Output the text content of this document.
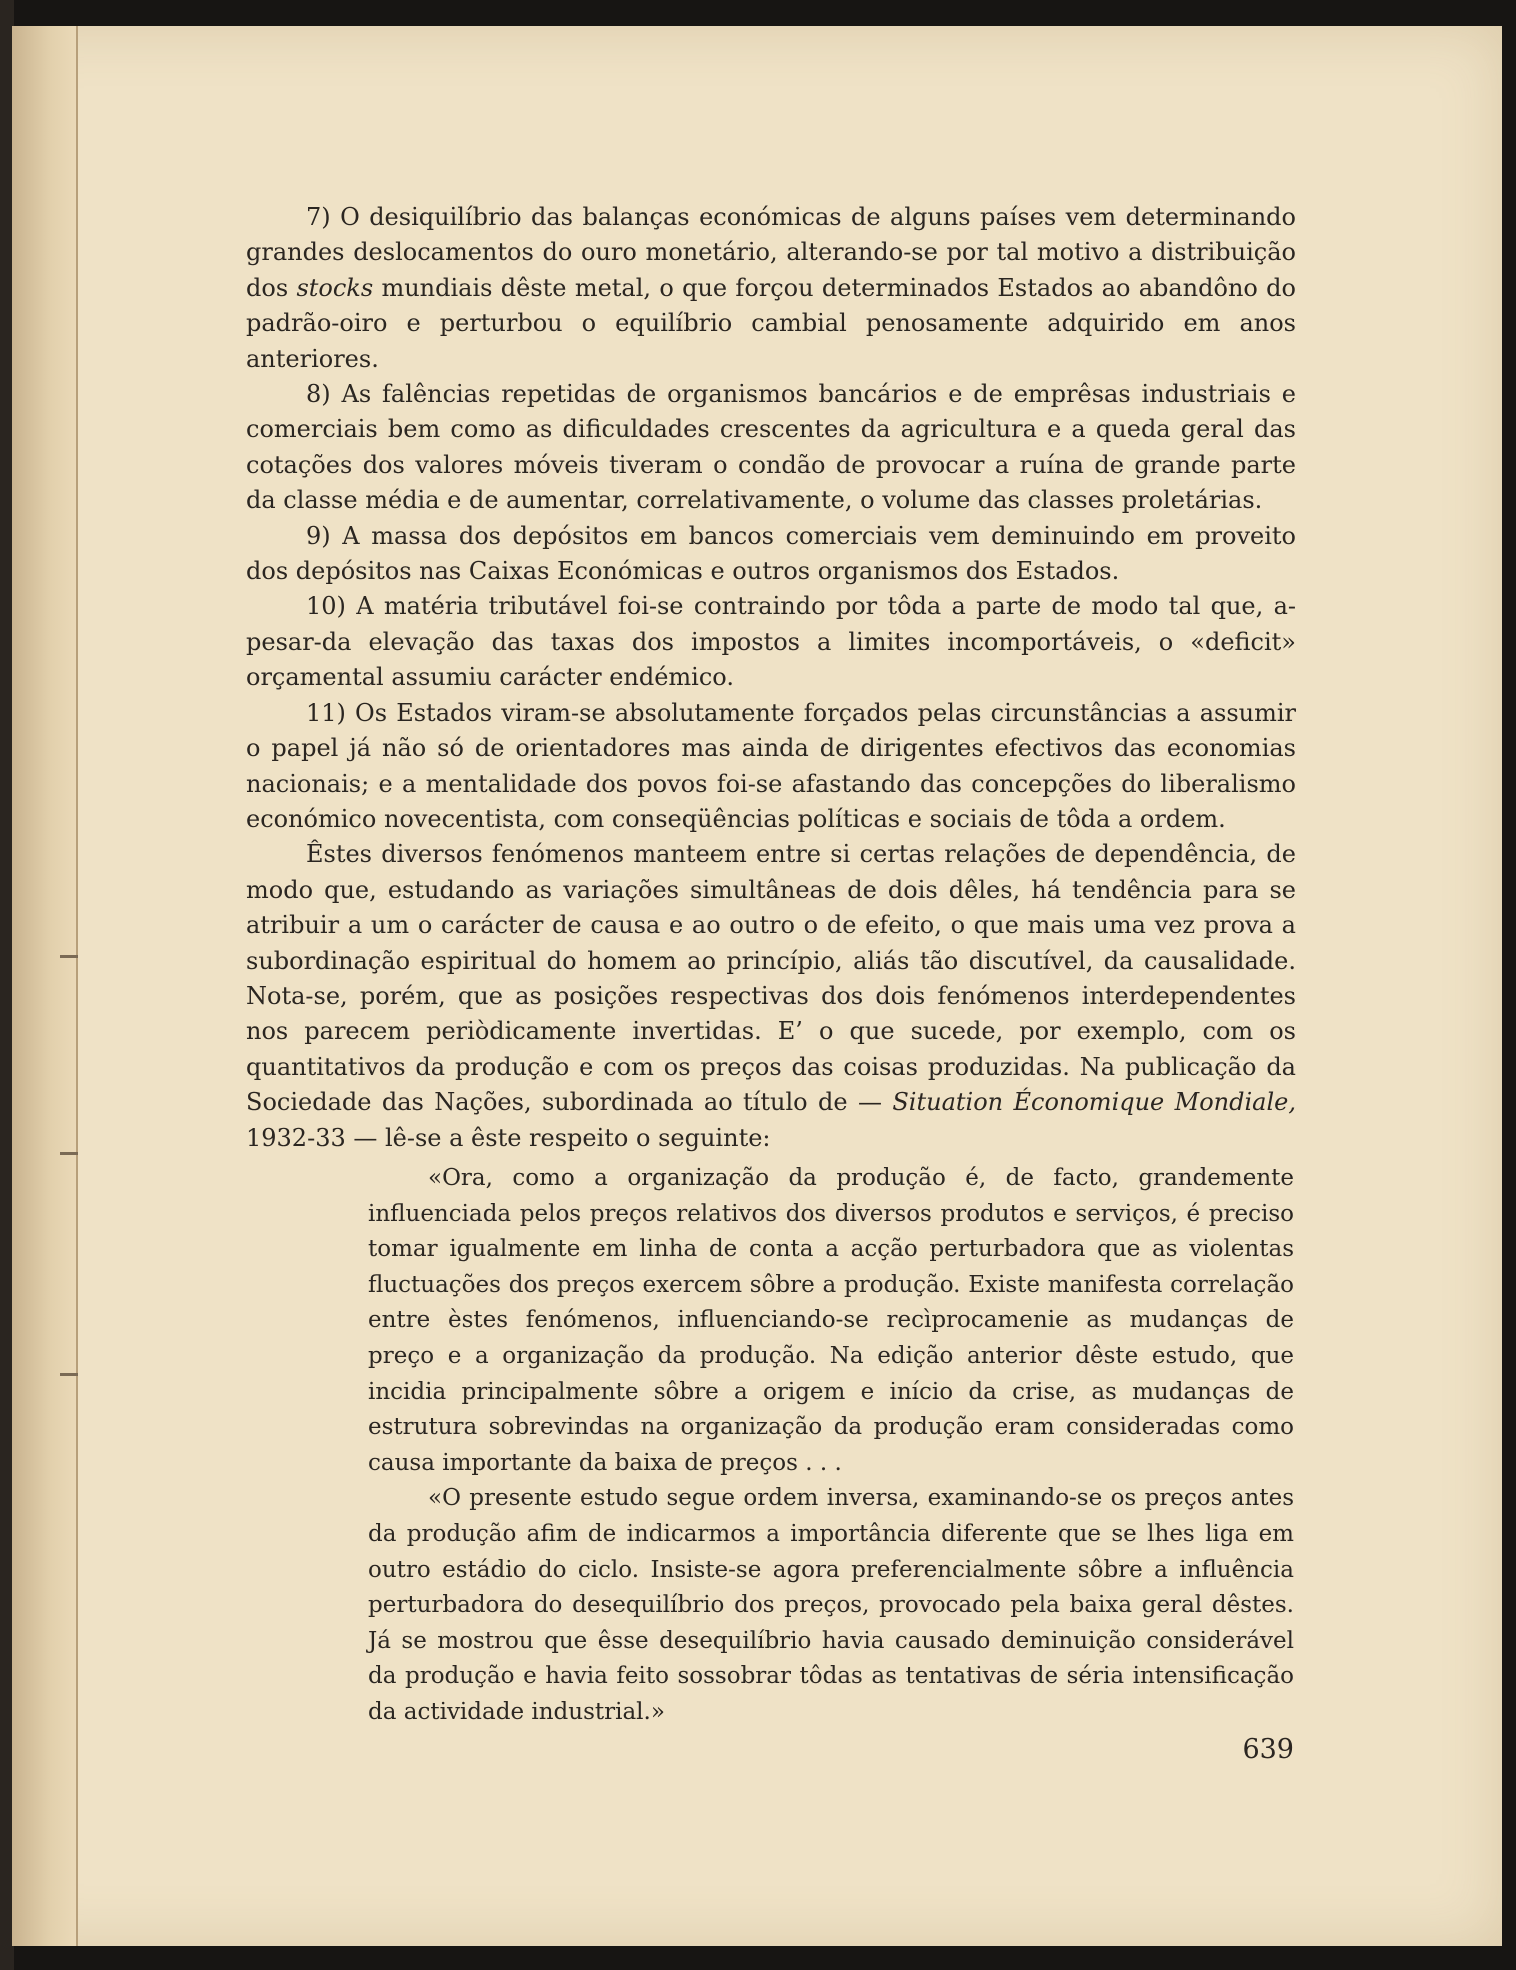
7) O desiquilíbrio das balanças económicas de alguns países vem determinando grandes deslocamentos do ouro monetário, alterando-se por tal motivo a distribuição dos stocks mundiais dêste metal, o que forçou determinados Estados ao abandôno do padrão-oiro e perturbou o equilíbrio cambial penosamente adquirido em anos anteriores.

8) As falências repetidas de organismos bancários e de emprêsas industriais e comerciais bem como as dificuldades crescentes da agricultura e a queda geral das cotações dos valores móveis tiveram o condão de provocar a ruína de grande parte da classe média e de aumentar, correlativamente, o volume das classes proletárias.

9) A massa dos depósitos em bancos comerciais vem deminuindo em proveito dos depósitos nas Caixas Económicas e outros organismos dos Estados.

10) A matéria tributável foi-se contraindo por tôda a parte de modo tal que, a-pesar-da elevação das taxas dos impostos a limites incomportáveis, o «deficit» orçamental assumiu carácter endémico.

11) Os Estados viram-se absolutamente forçados pelas circunstâncias a assumir o papel já não só de orientadores mas ainda de dirigentes efectivos das economias nacionais; e a mentalidade dos povos foi-se afastando das concepções do liberalismo económico novecentista, com conseqüências políticas e sociais de tôda a ordem.

Êstes diversos fenómenos manteem entre si certas relações de dependência, de modo que, estudando as variações simultâneas de dois dêles, há tendência para se atribuir a um o carácter de causa e ao outro o de efeito, o que mais uma vez prova a subordinação espiritual do homem ao princípio, aliás tão discutível, da causalidade. Nota-se, porém, que as posições respectivas dos dois fenómenos interdependentes nos parecem periòdicamente invertidas. E’ o que sucede, por exemplo, com os quantitativos da produção e com os preços das coisas produzidas. Na publicação da Sociedade das Nações, subordinada ao título de — Situation Économique Mondiale, 1932-33 — lê-se a êste respeito o seguinte:

«Ora, como a organização da produção é, de facto, grandemente influenciada pelos preços relativos dos diversos produtos e serviços, é preciso tomar igualmente em linha de conta a acção perturbadora que as violentas fluctuações dos preços exercem sôbre a produção. Existe manifesta correlação entre èstes fenómenos, influenciando-se recìprocamenie as mudanças de preço e a organização da produção. Na edição anterior dêste estudo, que incidia principalmente sôbre a origem e início da crise, as mudanças de estrutura sobrevindas na organização da produção eram consideradas como causa importante da baixa de preços . . .

«O presente estudo segue ordem inversa, examinando-se os preços antes da produção afim de indicarmos a importância diferente que se lhes liga em outro estádio do ciclo. Insiste-se agora preferencialmente sôbre a influência perturbadora do desequilíbrio dos preços, provocado pela baixa geral dêstes. Já se mostrou que êsse desequilíbrio havia causado deminuição considerável da produção e havia feito sossobrar tôdas as tentativas de séria intensificação da actividade industrial.»

639
